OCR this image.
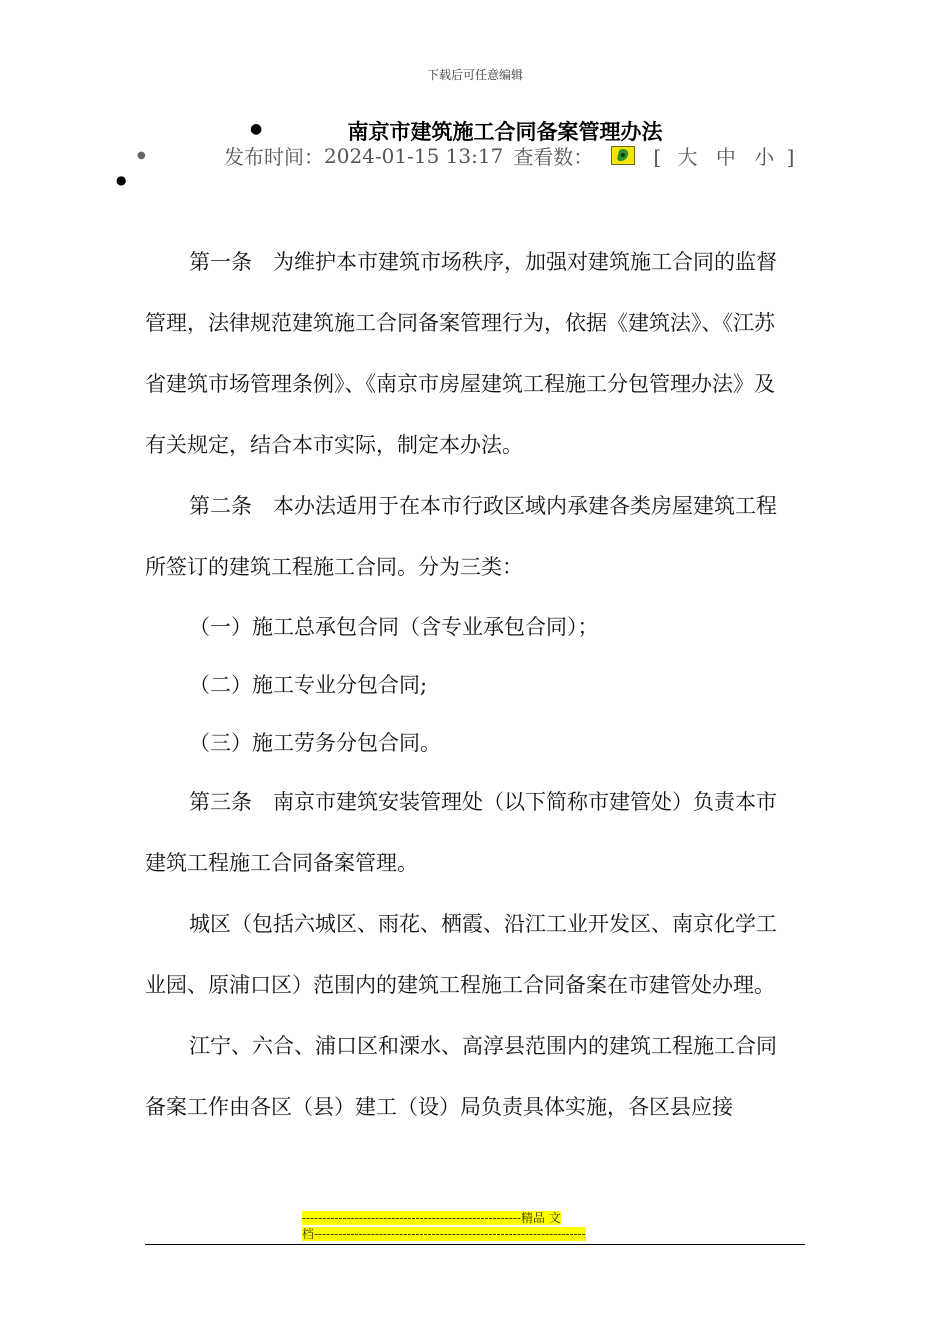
下载后可任意编辑
●
●
●
南京市建筑施工合同备案管理办法
发布时间： 2024-01-15 13:17 查看数：	[ 大 中 小 ]

第一条　为维护本市建筑市场秩序，加强对建筑施工合同的监督管理，法律规范建筑施工合同备案管理行为，依据《建筑法》、《江苏省建筑市场管理条例》、《南京市房屋建筑工程施工分包管理办法》及有关规定，结合本市实际，制定本办法。

第二条　本办法适用于在本市行政区域内承建各类房屋建筑工程所签订的建筑工程施工合同。分为三类：

（一）施工总承包合同（含专业承包合同）；

（二）施工专业分包合同;

（三）施工劳务分包合同。

第三条　南京市建筑安装管理处（以下简称市建管处）负责本市建筑工程施工合同备案管理。

城区（包括六城区、雨花、栖霞、沿江工业开发区、南京化学工业园、原浦口区）范围内的建筑工程施工合同备案在市建管处办理。

江宁、六合、浦口区和溧水、高淳县范围内的建筑工程施工合同备案工作由各区（县）建工（设）局负责具体实施，各区县应接

------------------------------------------------------精品 文
档-------------------------------------------------------------------
